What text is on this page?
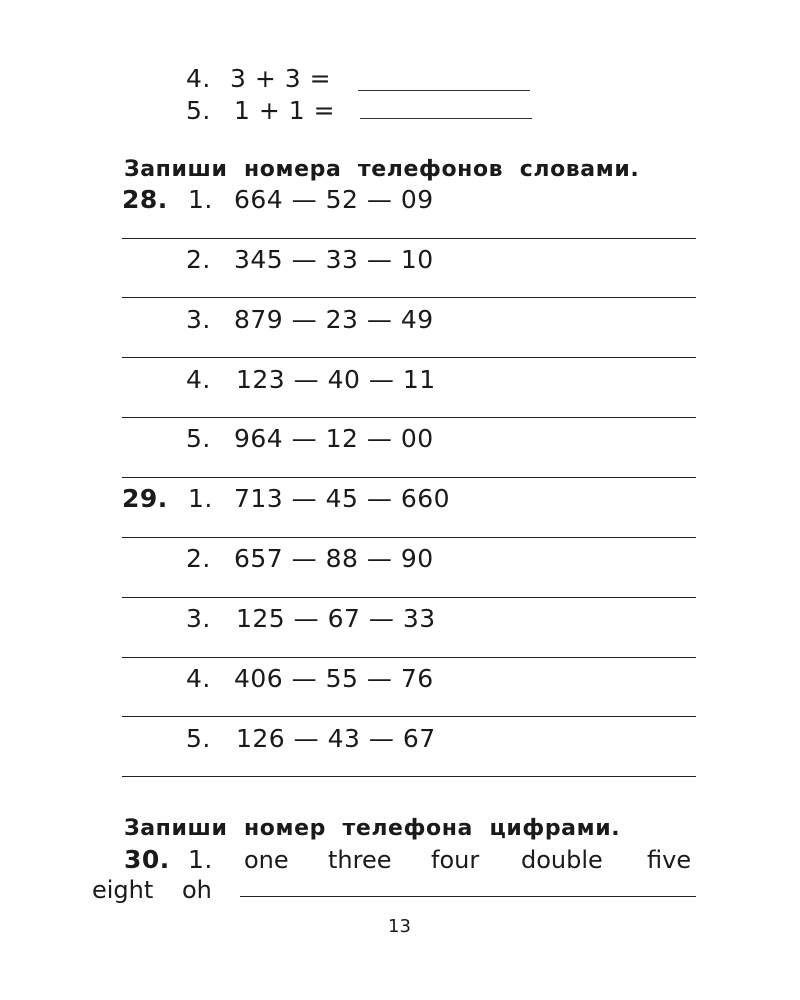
4. 3 + 3 =
5. 1 + 1 =
Запиши  номера  телефонов  словами.
28. 1. 664 — 52 — 09
2. 345 — 33 — 10
3. 879 — 23 — 49
4. 123 — 40 — 11
5. 964 — 12 — 00
29. 1. 713 — 45 — 660
2. 657 — 88 — 90
3. 125 — 67 — 33
4. 406 — 55 — 76
5. 126 — 43 — 67
Запиши  номер  телефона  цифрами.
30. 1. one three four double five
eight oh
13
